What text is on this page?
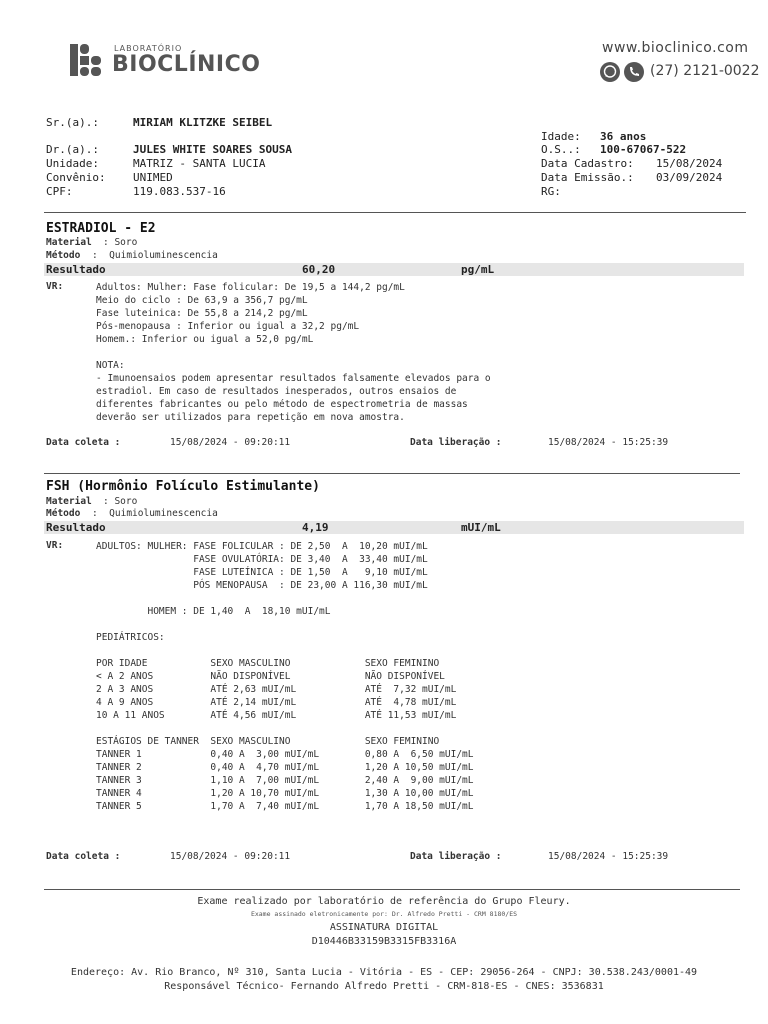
LABORATÓRIO
BIOCLÍNICO
www.bioclinico.com
(27) 2121-0022
Sr.(a).:	MIRIAM KLITZKE SEIBEL
Dr.(a).:	JULES WHITE SOARES SOUSA
Unidade:	MATRIZ - SANTA LUCIA
Convênio: UNIMED
CPF:	119.083.537-16
Idade: 36 anos
O.S..: 100-67067-522
Data Cadastro: 15/08/2024
Data Emissão.: 03/09/2024
RG:
ESTRADIOL - E2
Material : Soro
Método :  Quimioluminescencia
Resultado	60,20	pg/mL
VR:	Adultos: Mulher: Fase folicular: De 19,5 a 144,2 pg/mL
Meio do ciclo : De 63,9 a 356,7 pg/mL
Fase luteinica: De 55,8 a 214,2 pg/mL
Pós-menopausa : Inferior ou igual a 32,2 pg/mL
Homem.: Inferior ou igual a 52,0 pg/mL
NOTA:
- Imunoensaios podem apresentar resultados falsamente elevados para o
estradiol. Em caso de resultados inesperados, outros ensaios de
diferentes fabricantes ou pelo método de espectrometria de massas
deverão ser utilizados para repetição em nova amostra.
Data coleta :	15/08/2024 - 09:20:11	Data liberação :	15/08/2024 - 15:25:39
FSH (Hormônio Folículo Estimulante)
Material : Soro
Método :  Quimioluminescencia
Resultado	4,19	mUI/mL
VR:	ADULTOS: MULHER: FASE FOLICULAR : DE 2,50  A  10,20 mUI/mL
FASE OVULATÓRIA: DE 3,40  A  33,40 mUI/mL
FASE LUTEÍNICA : DE 1,50  A   9,10 mUI/mL
PÓS MENOPAUSA  : DE 23,00 A 116,30 mUI/mL
HOMEM : DE 1,40  A  18,10 mUI/mL
PEDIÁTRICOS:
POR IDADE           SEXO MASCULINO             SEXO FEMININO
< A 2 ANOS          NÃO DISPONÍVEL             NÃO DISPONÍVEL
2 A 3 ANOS          ATÉ 2,63 mUI/mL            ATÉ  7,32 mUI/mL
4 A 9 ANOS          ATÉ 2,14 mUI/mL            ATÉ  4,78 mUI/mL
10 A 11 ANOS        ATÉ 4,56 mUI/mL            ATÉ 11,53 mUI/mL
ESTÁGIOS DE TANNER  SEXO MASCULINO             SEXO FEMININO
TANNER 1            0,40 A  3,00 mUI/mL        0,80 A  6,50 mUI/mL
TANNER 2            0,40 A  4,70 mUI/mL        1,20 A 10,50 mUI/mL
TANNER 3            1,10 A  7,00 mUI/mL        2,40 A  9,00 mUI/mL
TANNER 4            1,20 A 10,70 mUI/mL        1,30 A 10,00 mUI/mL
TANNER 5            1,70 A  7,40 mUI/mL        1,70 A 18,50 mUI/mL
Data coleta :	15/08/2024 - 09:20:11	Data liberação :	15/08/2024 - 15:25:39
Exame realizado por laboratório de referência do Grupo Fleury.
Exame assinado eletronicamente por: Dr. Alfredo Pretti - CRM 8180/ES
ASSINATURA DIGITAL
D10446B33159B3315FB3316A
Endereço: Av. Rio Branco, Nº 310, Santa Lucia - Vitória - ES - CEP: 29056-264 - CNPJ: 30.538.243/0001-49
Responsável Técnico- Fernando Alfredo Pretti - CRM-818-ES - CNES: 3536831
